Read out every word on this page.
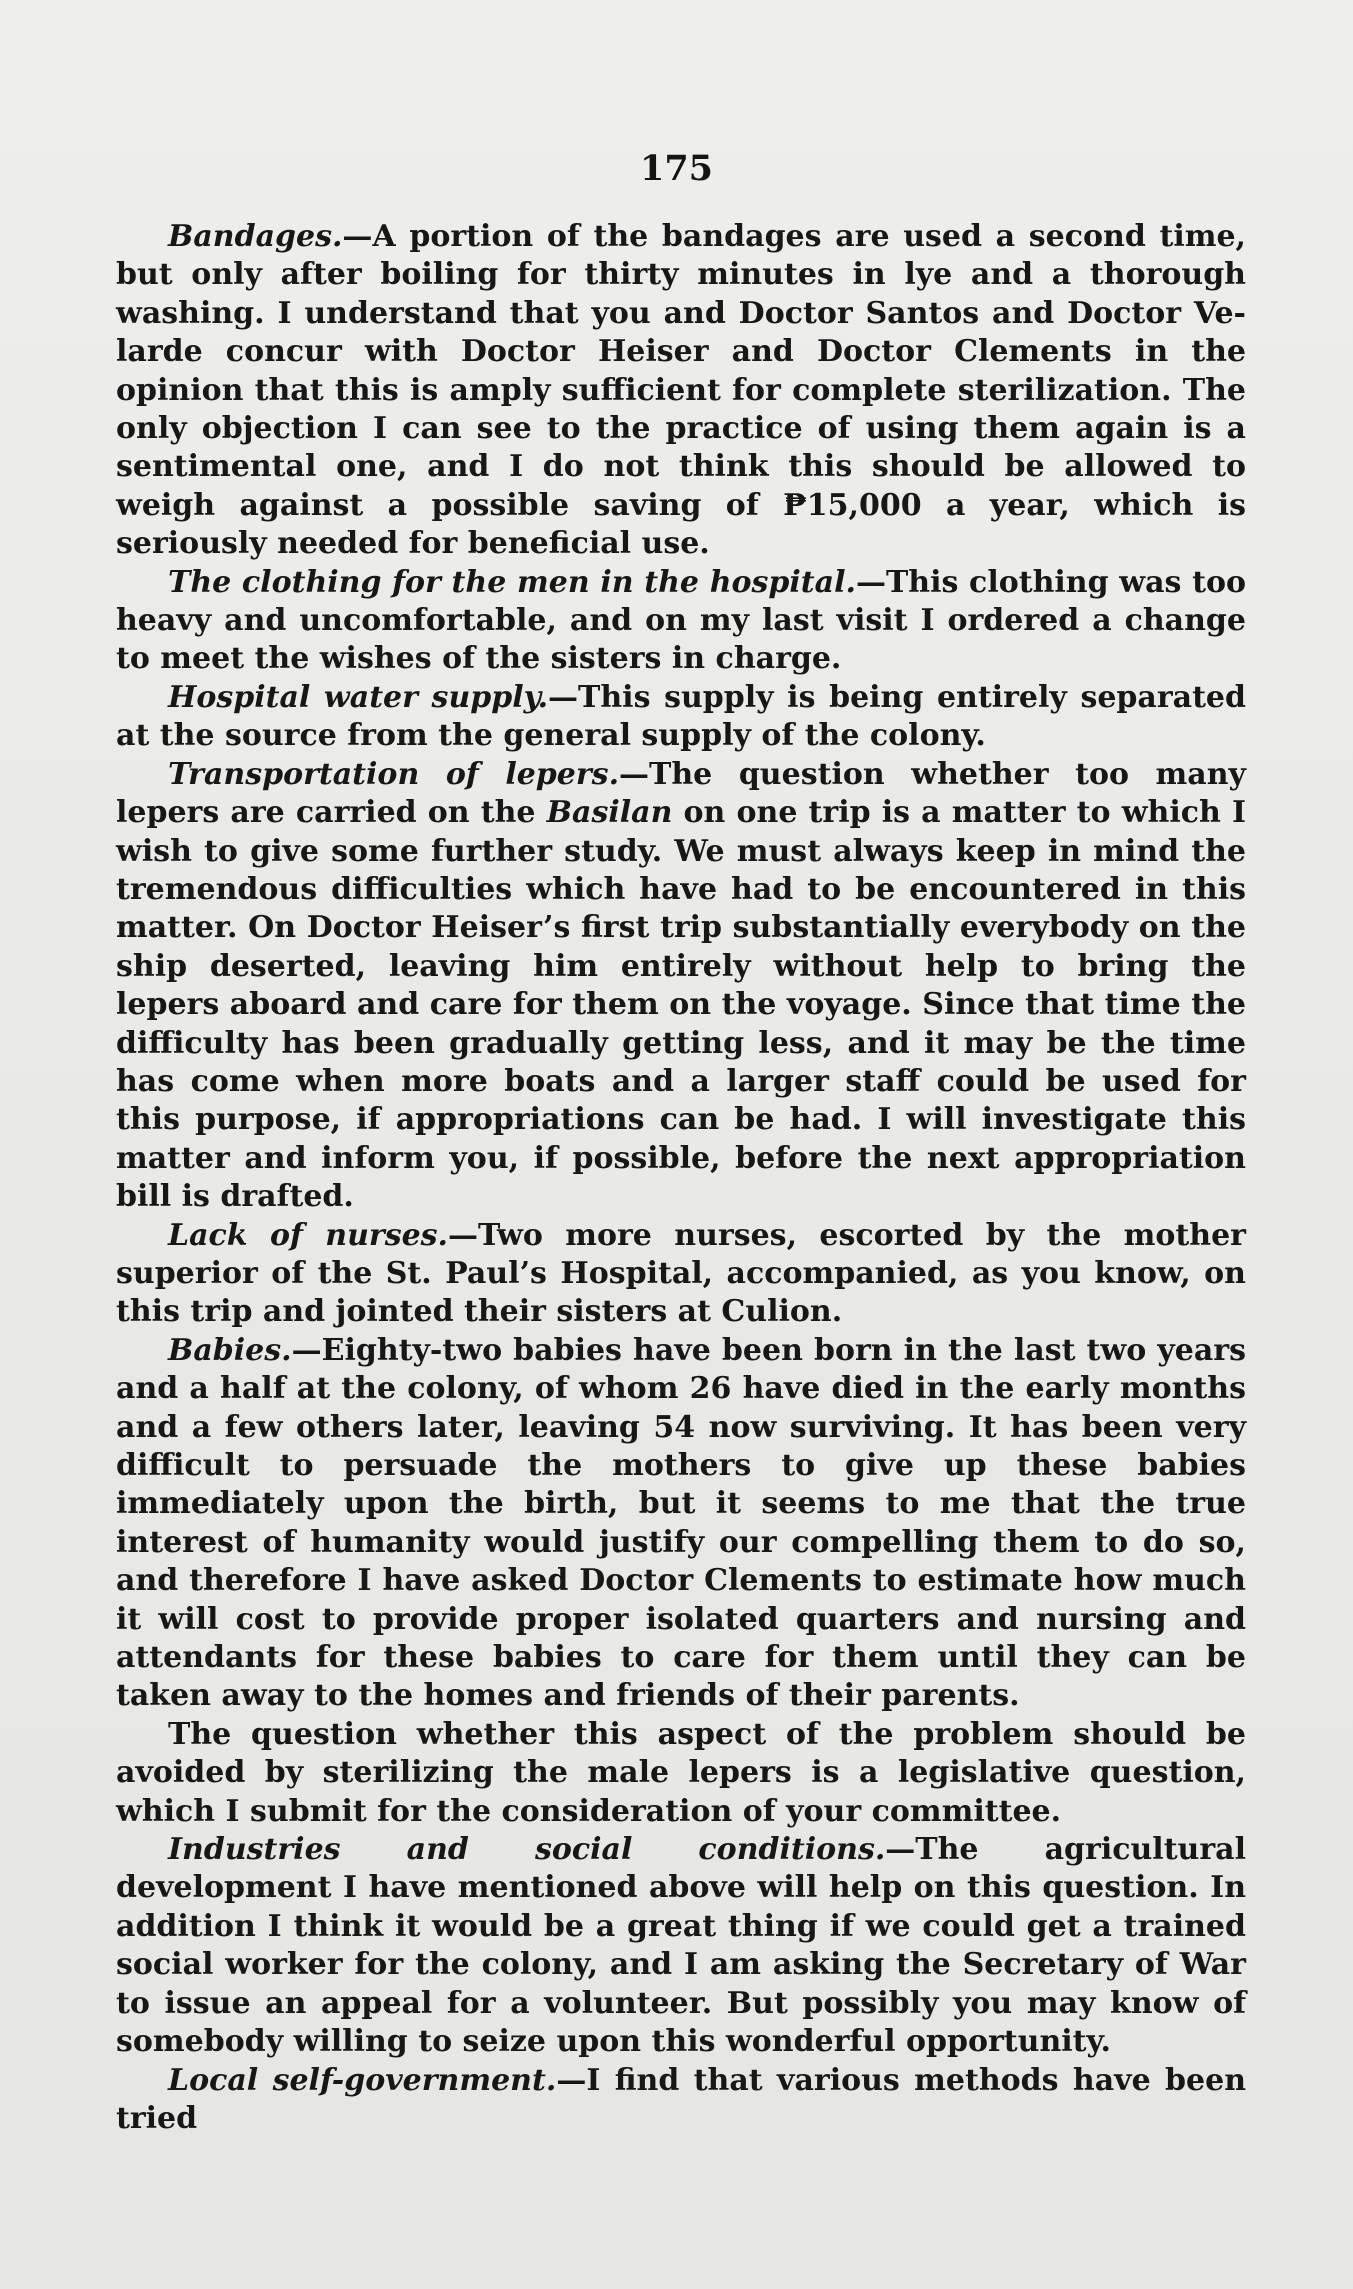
175

Bandages.—A portion of the bandages are used a second time, but only after boiling for thirty minutes in lye and a thorough washing. I understand that you and Doctor Santos and Doctor Velarde concur with Doctor Heiser and Doctor Clements in the opinion that this is amply sufficient for complete sterilization. The only objection I can see to the practice of using them again is a sentimental one, and I do not think this should be allowed to weigh against a possible saving of ₱15,000 a year, which is seriously needed for beneficial use.

The clothing for the men in the hospital.—This clothing was too heavy and uncomfortable, and on my last visit I ordered a change to meet the wishes of the sisters in charge.

Hospital water supply.—This supply is being entirely separated at the source from the general supply of the colony.

Transportation of lepers.—The question whether too many lepers are carried on the Basilan on one trip is a matter to which I wish to give some further study. We must always keep in mind the tremendous difficulties which have had to be encountered in this matter. On Doctor Heiser’s first trip substantially everybody on the ship deserted, leaving him entirely without help to bring the lepers aboard and care for them on the voyage. Since that time the difficulty has been gradually getting less, and it may be the time has come when more boats and a larger staff could be used for this purpose, if appropriations can be had. I will investigate this matter and inform you, if possible, before the next appropriation bill is drafted.

Lack of nurses.—Two more nurses, escorted by the mother superior of the St. Paul’s Hospital, accompanied, as you know, on this trip and jointed their sisters at Culion.

Babies.—Eighty-two babies have been born in the last two years and a half at the colony, of whom 26 have died in the early months and a few others later, leaving 54 now surviving. It has been very difficult to persuade the mothers to give up these babies immediately upon the birth, but it seems to me that the true interest of humanity would justify our compelling them to do so, and therefore I have asked Doctor Clements to estimate how much it will cost to provide proper isolated quarters and nursing and attendants for these babies to care for them until they can be taken away to the homes and friends of their parents.

The question whether this aspect of the problem should be avoided by sterilizing the male lepers is a legislative question, which I submit for the consideration of your committee.

Industries and social conditions.—The agricultural development I have mentioned above will help on this question. In addition I think it would be a great thing if we could get a trained social worker for the colony, and I am asking the Secretary of War to issue an appeal for a volunteer. But possibly you may know of somebody willing to seize upon this wonderful opportunity.

Local self-government.—I find that various methods have been tried
